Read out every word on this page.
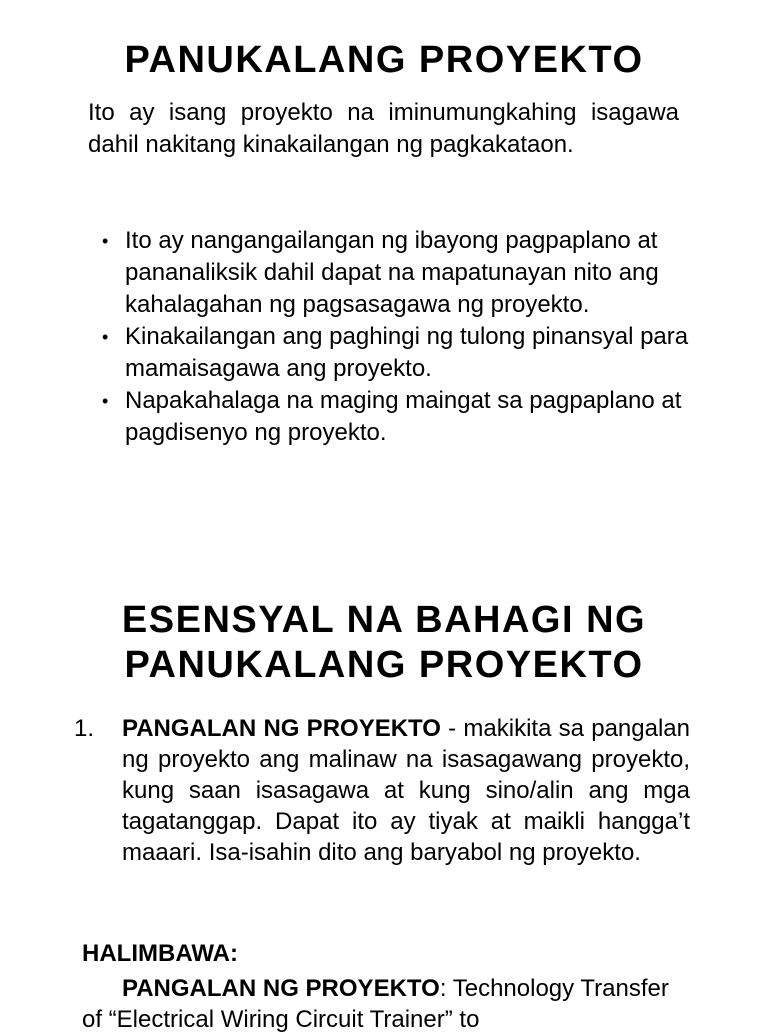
PANUKALANG PROYEKTO

Ito ay isang proyekto na iminumungkahing isagawa dahil nakitang kinakailangan ng pagkakataon.

• Ito ay nangangailangan ng ibayong pagpaplano at pananaliksik dahil dapat na mapatunayan nito ang kahalagahan ng pagsasagawa ng proyekto.
• Kinakailangan ang paghingi ng tulong pinansyal para mamaisagawa ang proyekto.
• Napakahalaga na maging maingat sa pagpaplano at pagdisenyo ng proyekto.
ESENSYAL NA BAHAGI NG
PANUKALANG PROYEKTO
1. PANGALAN NG PROYEKTO - makikita sa pangalan ng proyekto ang malinaw na isasagawang proyekto, kung saan isasagawa at kung sino/alin ang mga tagatanggap. Dapat ito ay tiyak at maikli hangga’t maaari. Isa-isahin dito ang baryabol ng proyekto.

HALIMBAWA:

PANGALAN NG PROYEKTO: Technology Transfer of “Electrical Wiring Circuit Trainer” to
